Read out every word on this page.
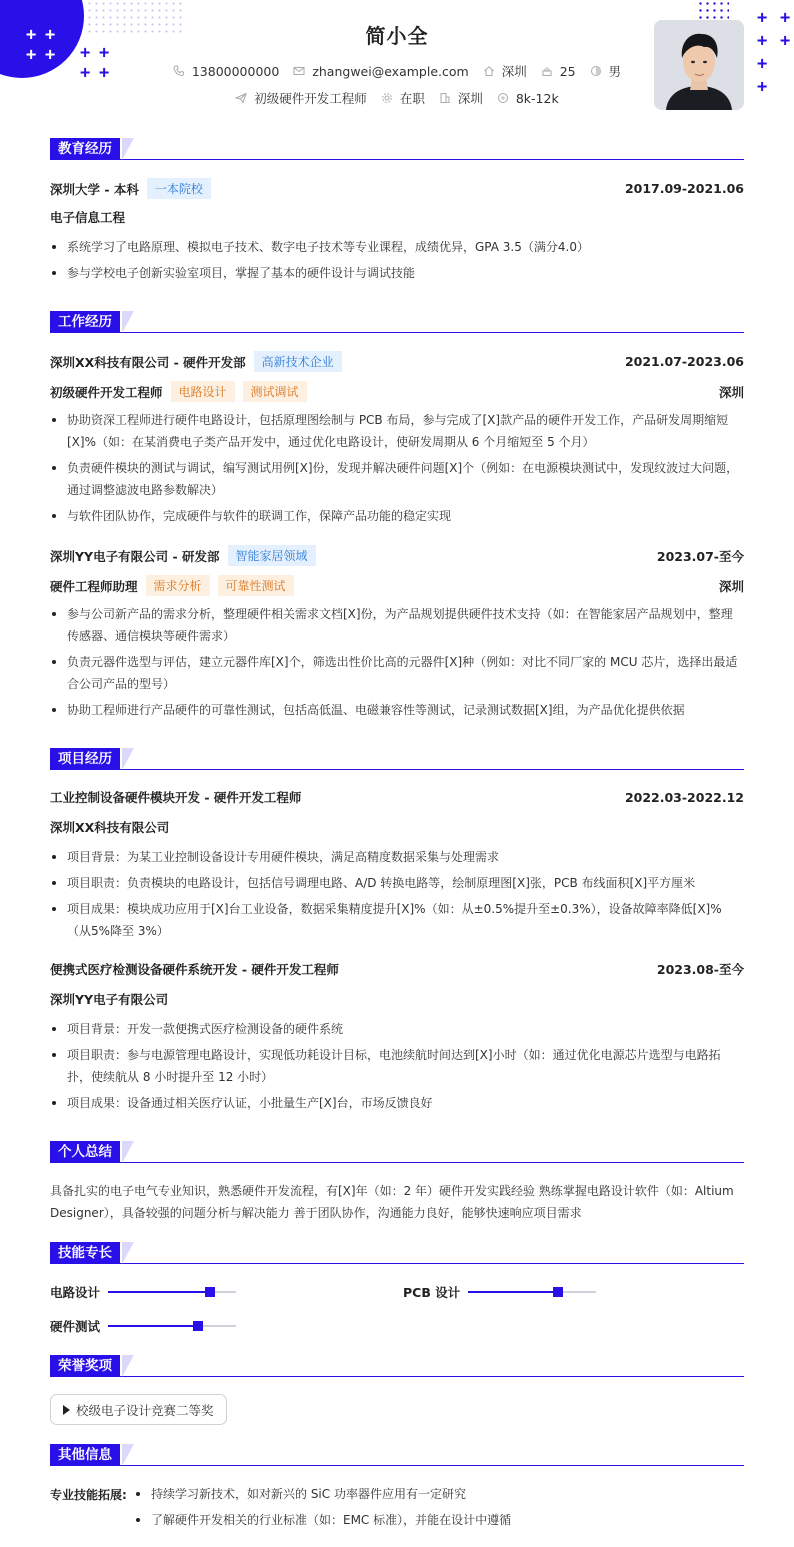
+ +
+ + + +
+ +
+ +
+ +
+
+
简小全
13800000000	zhangwei@example.com	深圳	25	男
初级硬件开发工程师	在职	深圳	8k-12k
教育经历
深圳大学 - 本科	一本院校	2017.09-2021.06
电子信息工程
系统学习了电路原理、模拟电子技术、数字电子技术等专业课程，成绩优异，GPA 3.5（满分4.0）
参与学校电子创新实验室项目，掌握了基本的硬件设计与调试技能
工作经历
深圳XX科技有限公司 - 硬件开发部	高新技术企业	2021.07-2023.06
初级硬件开发工程师	电路设计	测试调试	深圳
协助资深工程师进行硬件电路设计，包括原理图绘制与 PCB 布局，参与完成了[X]款产品的硬件开发工作，产品研发周期缩短[X]%（如：在某消费电子类产品开发中，通过优化电路设计，使研发周期从 6 个月缩短至 5 个月）
负责硬件模块的测试与调试，编写测试用例[X]份，发现并解决硬件问题[X]个（例如：在电源模块测试中，发现纹波过大问题，通过调整滤波电路参数解决）
与软件团队协作，完成硬件与软件的联调工作，保障产品功能的稳定实现
深圳YY电子有限公司 - 研发部	智能家居领域	2023.07-至今
硬件工程师助理	需求分析	可靠性测试	深圳
参与公司新产品的需求分析，整理硬件相关需求文档[X]份，为产品规划提供硬件技术支持（如：在智能家居产品规划中，整理传感器、通信模块等硬件需求）
负责元器件选型与评估，建立元器件库[X]个，筛选出性价比高的元器件[X]种（例如：对比不同厂家的 MCU 芯片，选择出最适合公司产品的型号）
协助工程师进行产品硬件的可靠性测试，包括高低温、电磁兼容性等测试，记录测试数据[X]组，为产品优化提供依据
项目经历
工业控制设备硬件模块开发 - 硬件开发工程师	2022.03-2022.12
深圳XX科技有限公司
项目背景：为某工业控制设备设计专用硬件模块，满足高精度数据采集与处理需求
项目职责：负责模块的电路设计，包括信号调理电路、A/D 转换电路等，绘制原理图[X]张，PCB 布线面积[X]平方厘米
项目成果：模块成功应用于[X]台工业设备，数据采集精度提升[X]%（如：从±0.5%提升至±0.3%），设备故障率降低[X]%（从5%降至 3%）
便携式医疗检测设备硬件系统开发 - 硬件开发工程师	2023.08-至今
深圳YY电子有限公司
项目背景：开发一款便携式医疗检测设备的硬件系统
项目职责：参与电源管理电路设计，实现低功耗设计目标，电池续航时间达到[X]小时（如：通过优化电源芯片选型与电路拓扑，使续航从 8 小时提升至 12 小时）
项目成果：设备通过相关医疗认证，小批量生产[X]台，市场反馈良好
个人总结
具备扎实的电子电气专业知识，熟悉硬件开发流程，有[X]年（如：2 年）硬件开发实践经验 熟练掌握电路设计软件（如：Altium Designer），具备较强的问题分析与解决能力 善于团队协作，沟通能力良好，能够快速响应项目需求
技能专长
电路设计	PCB 设计
硬件测试
荣誉奖项
校级电子设计竞赛二等奖
其他信息
专业技能拓展:	持续学习新技术，如对新兴的 SiC 功率器件应用有一定研究
了解硬件开发相关的行业标准（如：EMC 标准），并能在设计中遵循
